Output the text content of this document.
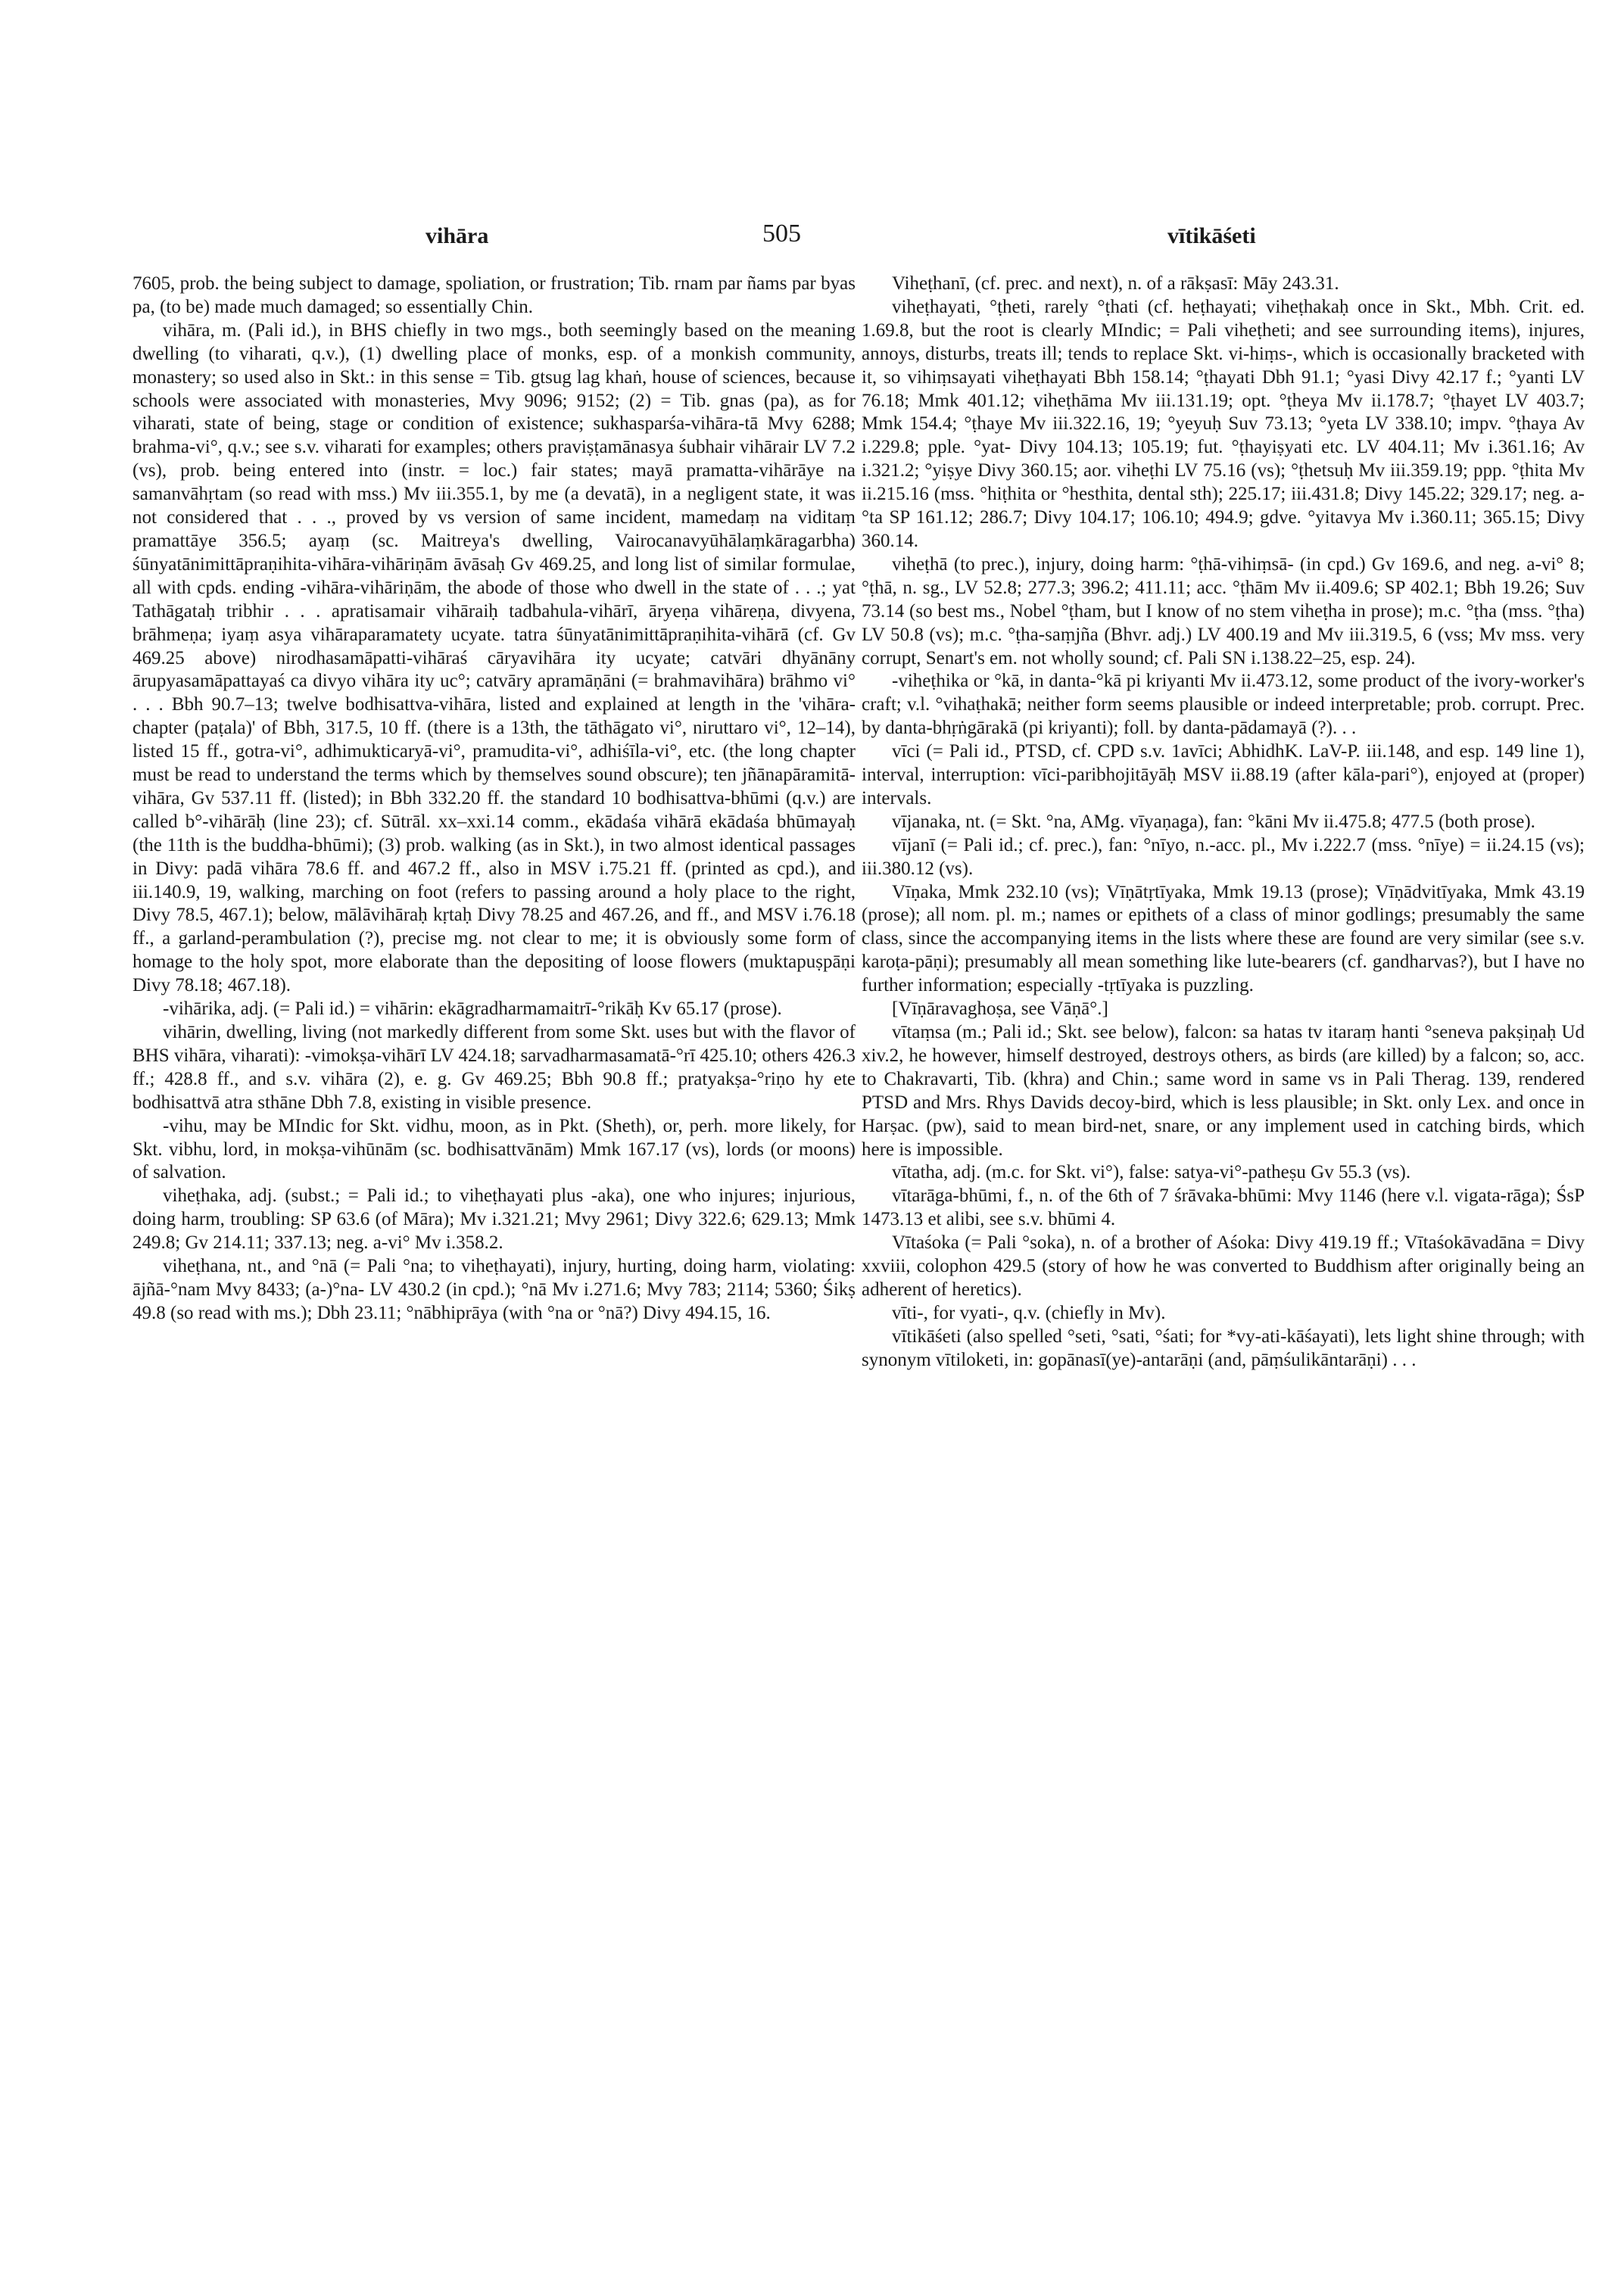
vihāra	505	vītikāśeti

7605, prob. the being subject to damage, spoliation, or frustration; Tib. rnam par ñams par byas pa, (to be) made much damaged; so essentially Chin.

vihāra, m. (Pali id.), in BHS chiefly in two mgs., both seemingly based on the meaning dwelling (to viharati, q.v.), (1) dwelling place of monks, esp. of a monkish community, monastery; so used also in Skt.: in this sense = Tib. gtsug lag khaṅ, house of sciences, because schools were associated with monasteries, Mvy 9096; 9152; (2) = Tib. gnas (pa), as for viharati, state of being, stage or condition of existence; sukhasparśa-vihāra-tā Mvy 6288; brahma-vi°, q.v.; see s.v. viharati for examples; others praviṣṭamānasya śubhair vihārair LV 7.2 (vs), prob. being entered into (instr. = loc.) fair states; mayā pramatta-vihārāye na samanvāhṛtam (so read with mss.) Mv iii.355.1, by me (a devatā), in a negligent state, it was not considered that . . ., proved by vs version of same incident, mamedaṃ na viditaṃ pramattāye 356.5; ayaṃ (sc. Maitreya's dwelling, Vairocanavyūhālaṃkāragarbha) śūnyatānimittāpraṇihita-vihāra-vihāriṇām āvāsaḥ Gv 469.25, and long list of similar formulae, all with cpds. ending -vihāra-vihāriṇām, the abode of those who dwell in the state of . . .; yat Tathāgataḥ tribhir . . . apratisamair vihāraiḥ tadbahula-vihārī, āryeṇa vihāreṇa, divyena, brāhmeṇa; iyaṃ asya vihāraparamatety ucyate. tatra śūnyatānimittāpraṇihita-vihārā (cf. Gv 469.25 above) nirodhasamāpatti-vihāraś cāryavihāra ity ucyate; catvāri dhyānāny ārupyasamāpattayaś ca divyo vihāra ity uc°; catvāry apramāṇāni (= brahmavihāra) brāhmo vi° . . . Bbh 90.7–13; twelve bodhisattva-vihāra, listed and explained at length in the 'vihāra-chapter (paṭala)' of Bbh, 317.5, 10 ff. (there is a 13th, the tāthāgato vi°, niruttaro vi°, 12–14), listed 15 ff., gotra-vi°, adhimukticaryā-vi°, pramudita-vi°, adhiśīla-vi°, etc. (the long chapter must be read to understand the terms which by themselves sound obscure); ten jñānapāramitā-vihāra, Gv 537.11 ff. (listed); in Bbh 332.20 ff. the standard 10 bodhisattva-bhūmi (q.v.) are called b°-vihārāḥ (line 23); cf. Sūtrāl. xx–xxi.14 comm., ekādaśa vihārā ekādaśa bhūmayaḥ (the 11th is the buddha-bhūmi); (3) prob. walking (as in Skt.), in two almost identical passages in Divy: padā vihāra 78.6 ff. and 467.2 ff., also in MSV i.75.21 ff. (printed as cpd.), and iii.140.9, 19, walking, marching on foot (refers to passing around a holy place to the right, Divy 78.5, 467.1); below, mālāvihāraḥ kṛtaḥ Divy 78.25 and 467.26, and ff., and MSV i.76.18 ff., a garland-perambulation (?), precise mg. not clear to me; it is obviously some form of homage to the holy spot, more elaborate than the depositing of loose flowers (muktapuṣpāṇi Divy 78.18; 467.18).

-vihārika, adj. (= Pali id.) = vihārin: ekāgradharmamaitrī-°rikāḥ Kv 65.17 (prose).

vihārin, dwelling, living (not markedly different from some Skt. uses but with the flavor of BHS vihāra, viharati): -vimokṣa-vihārī LV 424.18; sarvadharmasamatā-°rī 425.10; others 426.3 ff.; 428.8 ff., and s.v. vihāra (2), e. g. Gv 469.25; Bbh 90.8 ff.; pratyakṣa-°riṇo hy ete bodhisattvā atra sthāne Dbh 7.8, existing in visible presence.

-vihu, may be MIndic for Skt. vidhu, moon, as in Pkt. (Sheth), or, perh. more likely, for Skt. vibhu, lord, in mokṣa-vihūnām (sc. bodhisattvānām) Mmk 167.17 (vs), lords (or moons) of salvation.

viheṭhaka, adj. (subst.; = Pali id.; to viheṭhayati plus -aka), one who injures; injurious, doing harm, troubling: SP 63.6 (of Māra); Mv i.321.21; Mvy 2961; Divy 322.6; 629.13; Mmk 249.8; Gv 214.11; 337.13; neg. a-vi° Mv i.358.2.

viheṭhana, nt., and °nā (= Pali °na; to viheṭhayati), injury, hurting, doing harm, violating: ājñā-°nam Mvy 8433; (a-)°na- LV 430.2 (in cpd.); °nā Mv i.271.6; Mvy 783; 2114; 5360; Śikṣ 49.8 (so read with ms.); Dbh 23.11; °nābhiprāya (with °na or °nā?) Divy 494.15, 16.

Viheṭhanī, (cf. prec. and next), n. of a rākṣasī: Māy 243.31.

viheṭhayati, °ṭheti, rarely °ṭhati (cf. heṭhayati; viheṭhakaḥ once in Skt., Mbh. Crit. ed. 1.69.8, but the root is clearly MIndic; = Pali viheṭheti; and see surrounding items), injures, annoys, disturbs, treats ill; tends to replace Skt. vi-hiṃs-, which is occasionally bracketed with it, so vihiṃsayati viheṭhayati Bbh 158.14; °ṭhayati Dbh 91.1; °yasi Divy 42.17 f.; °yanti LV 76.18; Mmk 401.12; viheṭhāma Mv iii.131.19; opt. °ṭheya Mv ii.178.7; °ṭhayet LV 403.7; Mmk 154.4; °ṭhaye Mv iii.322.16, 19; °yeyuḥ Suv 73.13; °yeta LV 338.10; impv. °ṭhaya Av i.229.8; pple. °yat- Divy 104.13; 105.19; fut. °ṭhayiṣyati etc. LV 404.11; Mv i.361.16; Av i.321.2; °yiṣye Divy 360.15; aor. viheṭhi LV 75.16 (vs); °ṭhetsuḥ Mv iii.359.19; ppp. °ṭhita Mv ii.215.16 (mss. °hiṭhita or °hesthita, dental sth); 225.17; iii.431.8; Divy 145.22; 329.17; neg. a-°ta SP 161.12; 286.7; Divy 104.17; 106.10; 494.9; gdve. °yitavya Mv i.360.11; 365.15; Divy 360.14.

viheṭhā (to prec.), injury, doing harm: °ṭhā-vihiṃsā- (in cpd.) Gv 169.6, and neg. a-vi° 8; °ṭhā, n. sg., LV 52.8; 277.3; 396.2; 411.11; acc. °ṭhām Mv ii.409.6; SP 402.1; Bbh 19.26; Suv 73.14 (so best ms., Nobel °ṭham, but I know of no stem viheṭha in prose); m.c. °ṭha (mss. °ṭha) LV 50.8 (vs); m.c. °ṭha-saṃjña (Bhvr. adj.) LV 400.19 and Mv iii.319.5, 6 (vss; Mv mss. very corrupt, Senart's em. not wholly sound; cf. Pali SN i.138.22–25, esp. 24).

-viheṭhika or °kā, in danta-°kā pi kriyanti Mv ii.473.12, some product of the ivory-worker's craft; v.l. °vihaṭhakā; neither form seems plausible or indeed interpretable; prob. corrupt. Prec. by danta-bhṛṅgārakā (pi kriyanti); foll. by danta-pādamayā (?). . .

vīci (= Pali id., PTSD, cf. CPD s.v. 1avīci; AbhidhK. LaV-P. iii.148, and esp. 149 line 1), interval, interruption: vīci-paribhojitāyāḥ MSV ii.88.19 (after kāla-pari°), enjoyed at (proper) intervals.

vījanaka, nt. (= Skt. °na, AMg. vīyaṇaga), fan: °kāni Mv ii.475.8; 477.5 (both prose).

vījanī (= Pali id.; cf. prec.), fan: °nīyo, n.-acc. pl., Mv i.222.7 (mss. °nīye) = ii.24.15 (vs); iii.380.12 (vs).

Vīṇaka, Mmk 232.10 (vs); Vīṇātṛtīyaka, Mmk 19.13 (prose); Vīṇādvitīyaka, Mmk 43.19 (prose); all nom. pl. m.; names or epithets of a class of minor godlings; presumably the same class, since the accompanying items in the lists where these are found are very similar (see s.v. karoṭa-pāṇi); presumably all mean something like lute-bearers (cf. gandharvas?), but I have no further information; especially -tṛtīyaka is puzzling.

[Vīṇāravaghoṣa, see Vāṇā°.]

vītaṃsa (m.; Pali id.; Skt. see below), falcon: sa hatas tv itaraṃ hanti °seneva pakṣiṇaḥ Ud xiv.2, he however, himself destroyed, destroys others, as birds (are killed) by a falcon; so, acc. to Chakravarti, Tib. (khra) and Chin.; same word in same vs in Pali Therag. 139, rendered PTSD and Mrs. Rhys Davids decoy-bird, which is less plausible; in Skt. only Lex. and once in Harṣac. (pw), said to mean bird-net, snare, or any implement used in catching birds, which here is impossible.

vītatha, adj. (m.c. for Skt. vi°), false: satya-vi°-patheṣu Gv 55.3 (vs).

vītarāga-bhūmi, f., n. of the 6th of 7 śrāvaka-bhūmi: Mvy 1146 (here v.l. vigata-rāga); ŚsP 1473.13 et alibi, see s.v. bhūmi 4.

Vītaśoka (= Pali °soka), n. of a brother of Aśoka: Divy 419.19 ff.; Vītaśokāvadāna = Divy xxviii, colophon 429.5 (story of how he was converted to Buddhism after originally being an adherent of heretics).

vīti-, for vyati-, q.v. (chiefly in Mv).

vītikāśeti (also spelled °seti, °sati, °śati; for *vy-ati-kāśayati), lets light shine through; with synonym vītiloketi, in: gopānasī(ye)-antarāṇi (and, pāṃśulikāntarāṇi) . . .
